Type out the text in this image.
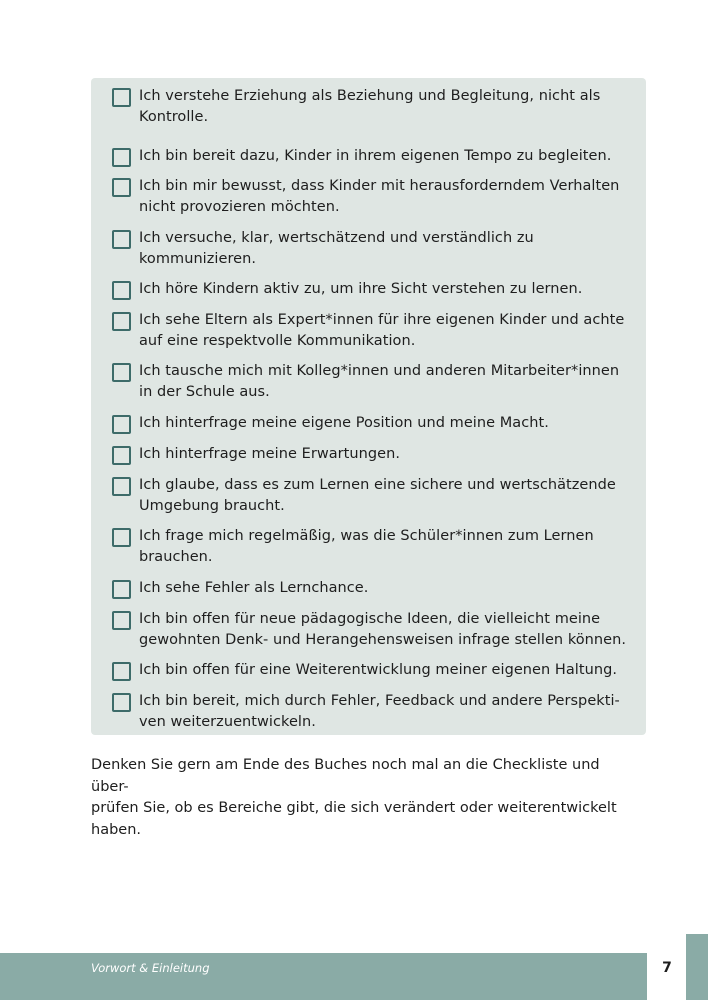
Ich verstehe Erziehung als Beziehung und Begleitung, nicht als
Kontrolle.
Ich bin bereit dazu, Kinder in ihrem eigenen Tempo zu begleiten.
Ich bin mir bewusst, dass Kinder mit herausforderndem Verhalten
nicht provozieren möchten.
Ich versuche, klar, wertschätzend und verständlich zu
kommunizieren.
Ich höre Kindern aktiv zu, um ihre Sicht verstehen zu lernen.
Ich sehe Eltern als Expert*innen für ihre eigenen Kinder und achte
auf eine respektvolle Kommunikation.
Ich tausche mich mit Kolleg*innen und anderen Mitarbeiter*innen
in der Schule aus.
Ich hinterfrage meine eigene Position und meine Macht.
Ich hinterfrage meine Erwartungen.
Ich glaube, dass es zum Lernen eine sichere und wertschätzende
Umgebung braucht.
Ich frage mich regelmäßig, was die Schüler*innen zum Lernen
brauchen.
Ich sehe Fehler als Lernchance.
Ich bin offen für neue pädagogische Ideen, die vielleicht meine
gewohnten Denk- und Herangehensweisen infrage stellen können.
Ich bin offen für eine Weiterentwicklung meiner eigenen Haltung.
Ich bin bereit, mich durch Fehler, Feedback und andere Perspekti-
ven weiterzuentwickeln.
Denken Sie gern am Ende des Buches noch mal an die Checkliste und über-
prüfen Sie, ob es Bereiche gibt, die sich verändert oder weiterentwickelt
haben.
Vorwort & Einleitung	7
